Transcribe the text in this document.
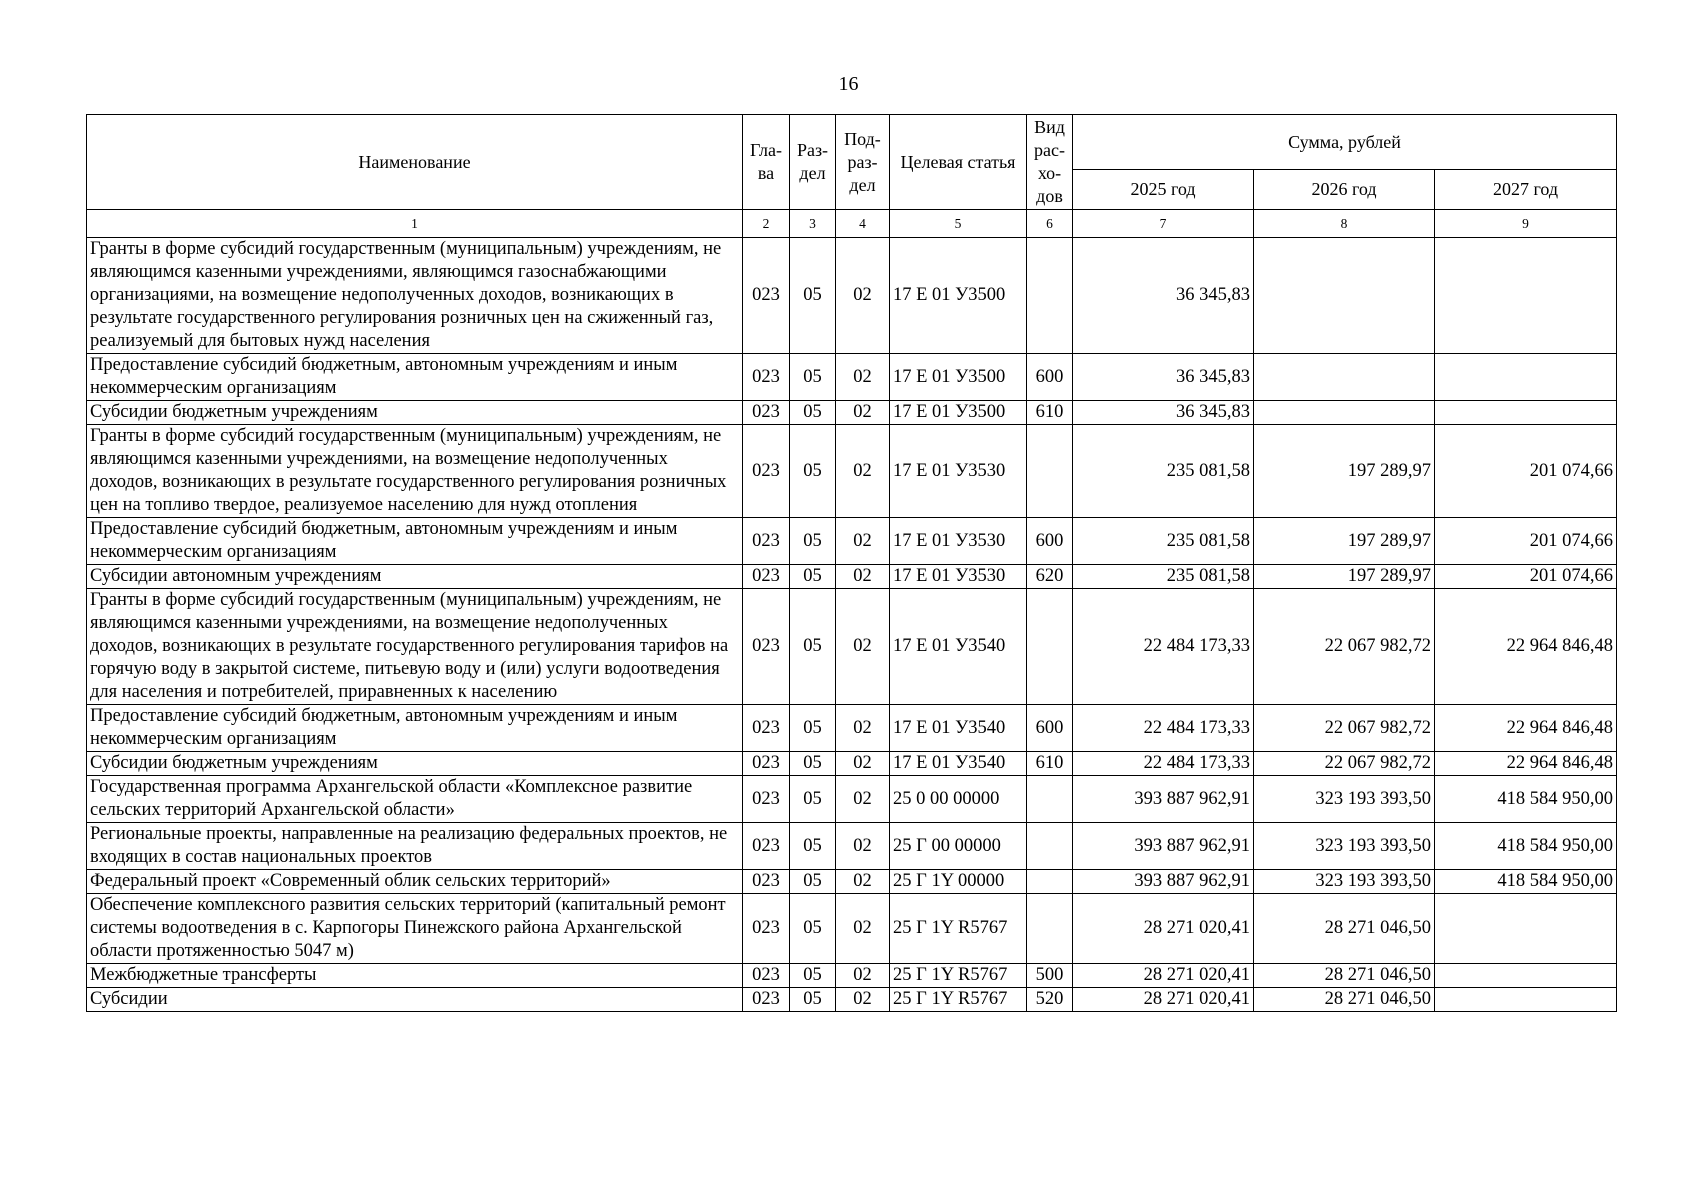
16
Наименование	Гла-ва	Раз-дел	Под-раз-дел	Целевая статья	Вид рас-хо-дов	Сумма, рублей		
						2025 год	2026 год	2027 год
1	2	3	4	5	6	7	8	9
Гранты в форме субсидий государственным (муниципальным) учреждениям, не являющимся казенными учреждениями, являющимся газоснабжающими организациями, на возмещение недополученных доходов, возникающих в результате государственного регулирования розничных цен на сжиженный газ, реализуемый для бытовых нужд населения	023	05	02	17 Е 01 У3500		36 345,83		
Предоставление субсидий бюджетным, автономным учреждениям и иным некоммерческим организациям	023	05	02	17 Е 01 У3500	600	36 345,83		
Субсидии бюджетным учреждениям	023	05	02	17 Е 01 У3500	610	36 345,83		
Гранты в форме субсидий государственным (муниципальным) учреждениям, не являющимся казенными учреждениями, на возмещение недополученных доходов, возникающих в результате государственного регулирования розничных цен на топливо твердое, реализуемое населению для нужд отопления	023	05	02	17 Е 01 У3530		235 081,58	197 289,97	201 074,66
Предоставление субсидий бюджетным, автономным учреждениям и иным некоммерческим организациям	023	05	02	17 Е 01 У3530	600	235 081,58	197 289,97	201 074,66
Субсидии автономным учреждениям	023	05	02	17 Е 01 У3530	620	235 081,58	197 289,97	201 074,66
Гранты в форме субсидий государственным (муниципальным) учреждениям, не являющимся казенными учреждениями, на возмещение недополученных доходов, возникающих в результате государственного регулирования тарифов на горячую воду в закрытой системе, питьевую воду и (или) услуги водоотведения для населения и потребителей, приравненных к населению	023	05	02	17 Е 01 У3540		22 484 173,33	22 067 982,72	22 964 846,48
Предоставление субсидий бюджетным, автономным учреждениям и иным некоммерческим организациям	023	05	02	17 Е 01 У3540	600	22 484 173,33	22 067 982,72	22 964 846,48
Субсидии бюджетным учреждениям	023	05	02	17 Е 01 У3540	610	22 484 173,33	22 067 982,72	22 964 846,48
Государственная программа Архангельской области «Комплексное развитие сельских территорий Архангельской области»	023	05	02	25 0 00 00000		393 887 962,91	323 193 393,50	418 584 950,00
Региональные проекты, направленные на реализацию федеральных проектов, не входящих в состав национальных проектов	023	05	02	25 Г 00 00000		393 887 962,91	323 193 393,50	418 584 950,00
Федеральный проект «Современный облик сельских территорий»	023	05	02	25 Г 1Y 00000		393 887 962,91	323 193 393,50	418 584 950,00
Обеспечение комплексного развития сельских территорий (капитальный ремонт системы водоотведения в с. Карпогоры Пинежского района Архангельской области протяженностью 5047 м)	023	05	02	25 Г 1Y R5767		28 271 020,41	28 271 046,50	
Межбюджетные трансферты	023	05	02	25 Г 1Y R5767	500	28 271 020,41	28 271 046,50	
Субсидии	023	05	02	25 Г 1Y R5767	520	28 271 020,41	28 271 046,50	
